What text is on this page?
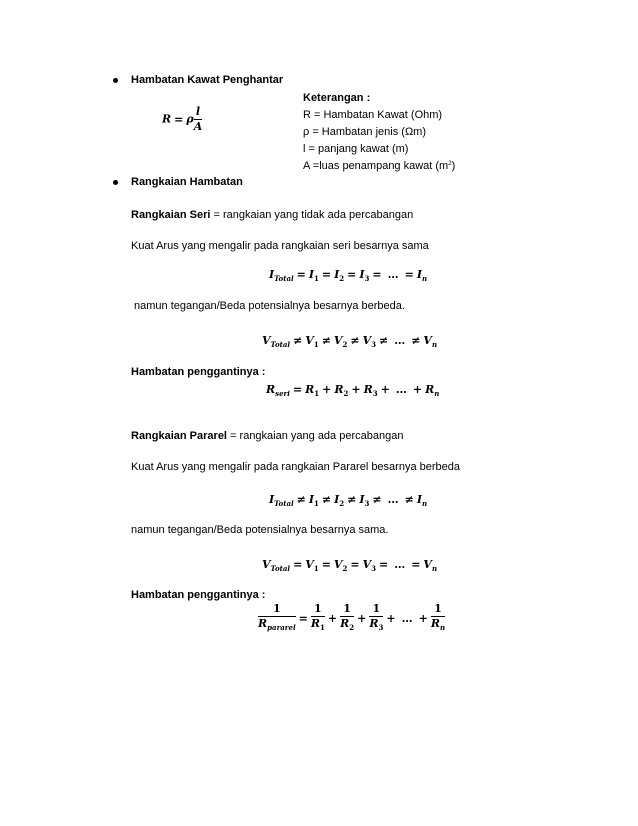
Hambatan Kawat Penghantar
R = ρ $\frac{l}{A}$
Keterangan :
R = Hambatan Kawat (Ohm)
ρ = Hambatan jenis (Ωm)
l = panjang kawat (m)
A =luas penampang kawat $(m^2)$
Rangkaian Hambatan
Rangkaian Seri = rangkaian yang tidak ada percabangan
Kuat Arus yang mengalir pada rangkaian seri besarnya sama
$I_{Total} = I_1 = I_2 = I_3$ = … = $I_n$
namun tegangan/Beda potensialnya besarnya berbeda.
$V_{Total} \ne V_1 \ne V_2 \ne V_3$ ≠ … ≠ $V_n$
Hambatan penggantinya :
$R_{seri} = R_1 + R_2 + R_3$ + … + $R_n$
Rangkaian Pararel = rangkaian yang ada percabangan
Kuat Arus yang mengalir pada rangkaian Pararel besarnya berbeda
$I_{Total} \ne I_1 \ne I_2 \ne I_3$ ≠ … ≠ $I_n$
namun tegangan/Beda potensialnya besarnya sama.
$V_{Total} = V_1 = V_2 = V_3$ = … = $V_n$
Hambatan penggantinya :
$\frac{1}{R_{pararel}} = \frac{1}{R_1} + \frac{1}{R_2} + \frac{1}{R_3}$ + … + $\frac{1}{R_n}$
